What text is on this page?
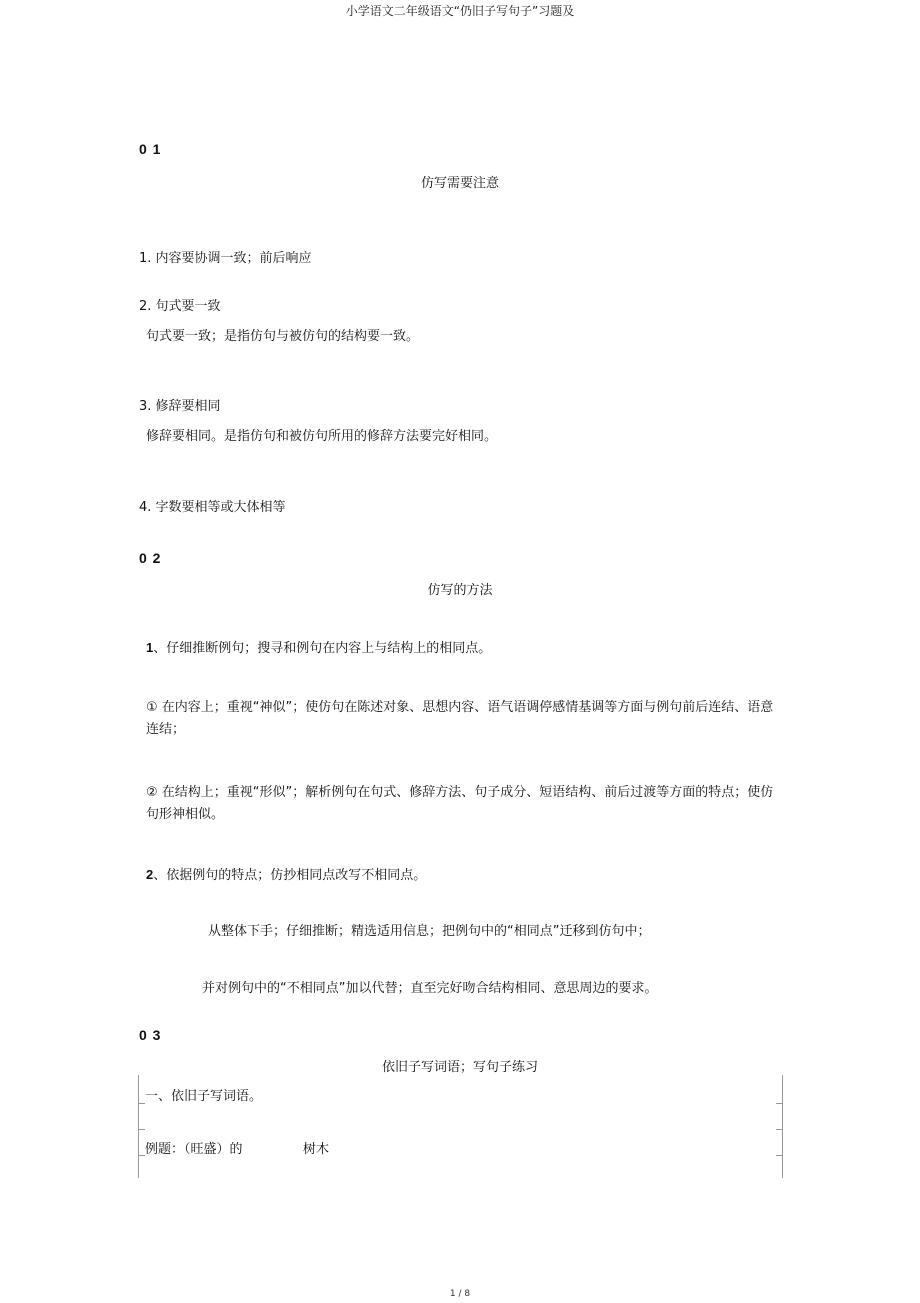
小学语文二年级语文“仍旧子写句子”习题及
0 1
仿写需要注意
1. 内容要协调一致；前后响应
2. 句式要一致
句式要一致；是指仿句与被仿句的结构要一致。
3. 修辞要相同
修辞要相同。是指仿句和被仿句所用的修辞方法要完好相同。
4. 字数要相等或大体相等
0 2
仿写的方法
1、仔细推断例句；搜寻和例句在内容上与结构上的相同点。
① 在内容上；重视“神似”；使仿句在陈述对象、思想内容、语气语调停感情基调等方面与例句前后连结、语意连结；
② 在结构上；重视“形似”；解析例句在句式、修辞方法、句子成分、短语结构、前后过渡等方面的特点；使仿句形神相似。
2、依据例句的特点；仿抄相同点改写不相同点。
从整体下手；仔细推断；精选适用信息；把例句中的“相同点”迁移到仿句中；
并对例句中的“不相同点”加以代替；直至完好吻合结构相同、意思周边的要求。
0 3
依旧子写词语；写句子练习
一、依旧子写词语。
例题：（旺盛）的	树木
1 / 8
